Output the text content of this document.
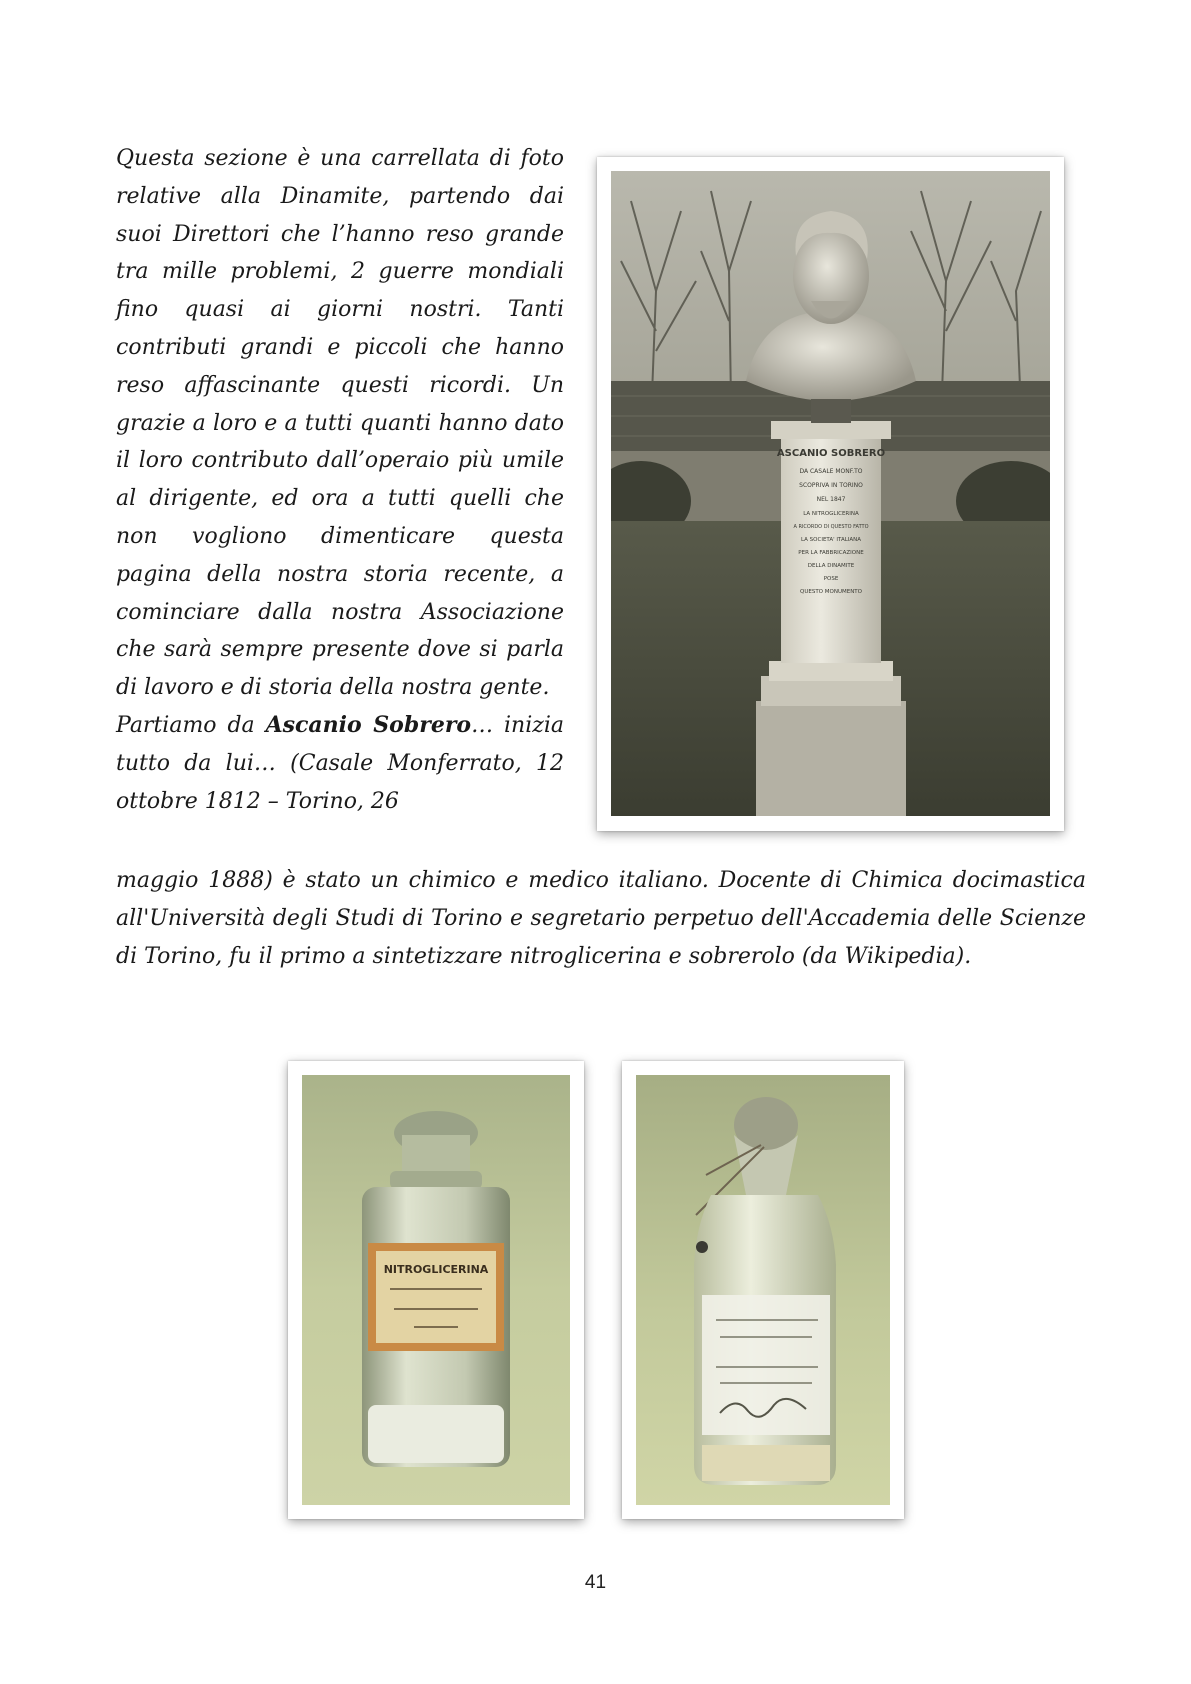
Questa sezione è una carrellata di foto relative alla Dinamite, partendo dai suoi Direttori che l’hanno reso grande tra mille problemi, 2 guerre mondiali fino quasi ai giorni nostri. Tanti contributi grandi e piccoli che hanno reso affascinante questi ricordi. Un grazie a loro e a tutti quanti hanno dato il loro contributo dall’operaio più umile al dirigente, ed ora a tutti quelli che non vogliono dimenticare questa pagina della nostra storia recente, a cominciare dalla nostra Associazione che sarà sempre presente dove si parla di lavoro e di storia della nostra gente.

Partiamo da Ascanio Sobrero… inizia tutto da lui… (Casale Monferrato, 12 ottobre 1812 – Torino, 26

maggio 1888) è stato un chimico e medico italiano. Docente di Chimica docimastica all'Università degli Studi di Torino e segretario perpetuo dell'Accademia delle Scienze di Torino, fu il primo a sintetizzare nitroglicerina e sobrerolo (da Wikipedia).

ASCANIO SOBRERO
DA CASALE MONF.TO
SCOPRIVA IN TORINO
NEL 1847
LA NITROGLICERINA
A RICORDO DI QUESTO FATTO
LA SOCIETA' ITALIANA
PER LA FABBRICAZIONE
DELLA DINAMITE
POSE
QUESTO MONUMENTO
NITROGLICERINA
41
